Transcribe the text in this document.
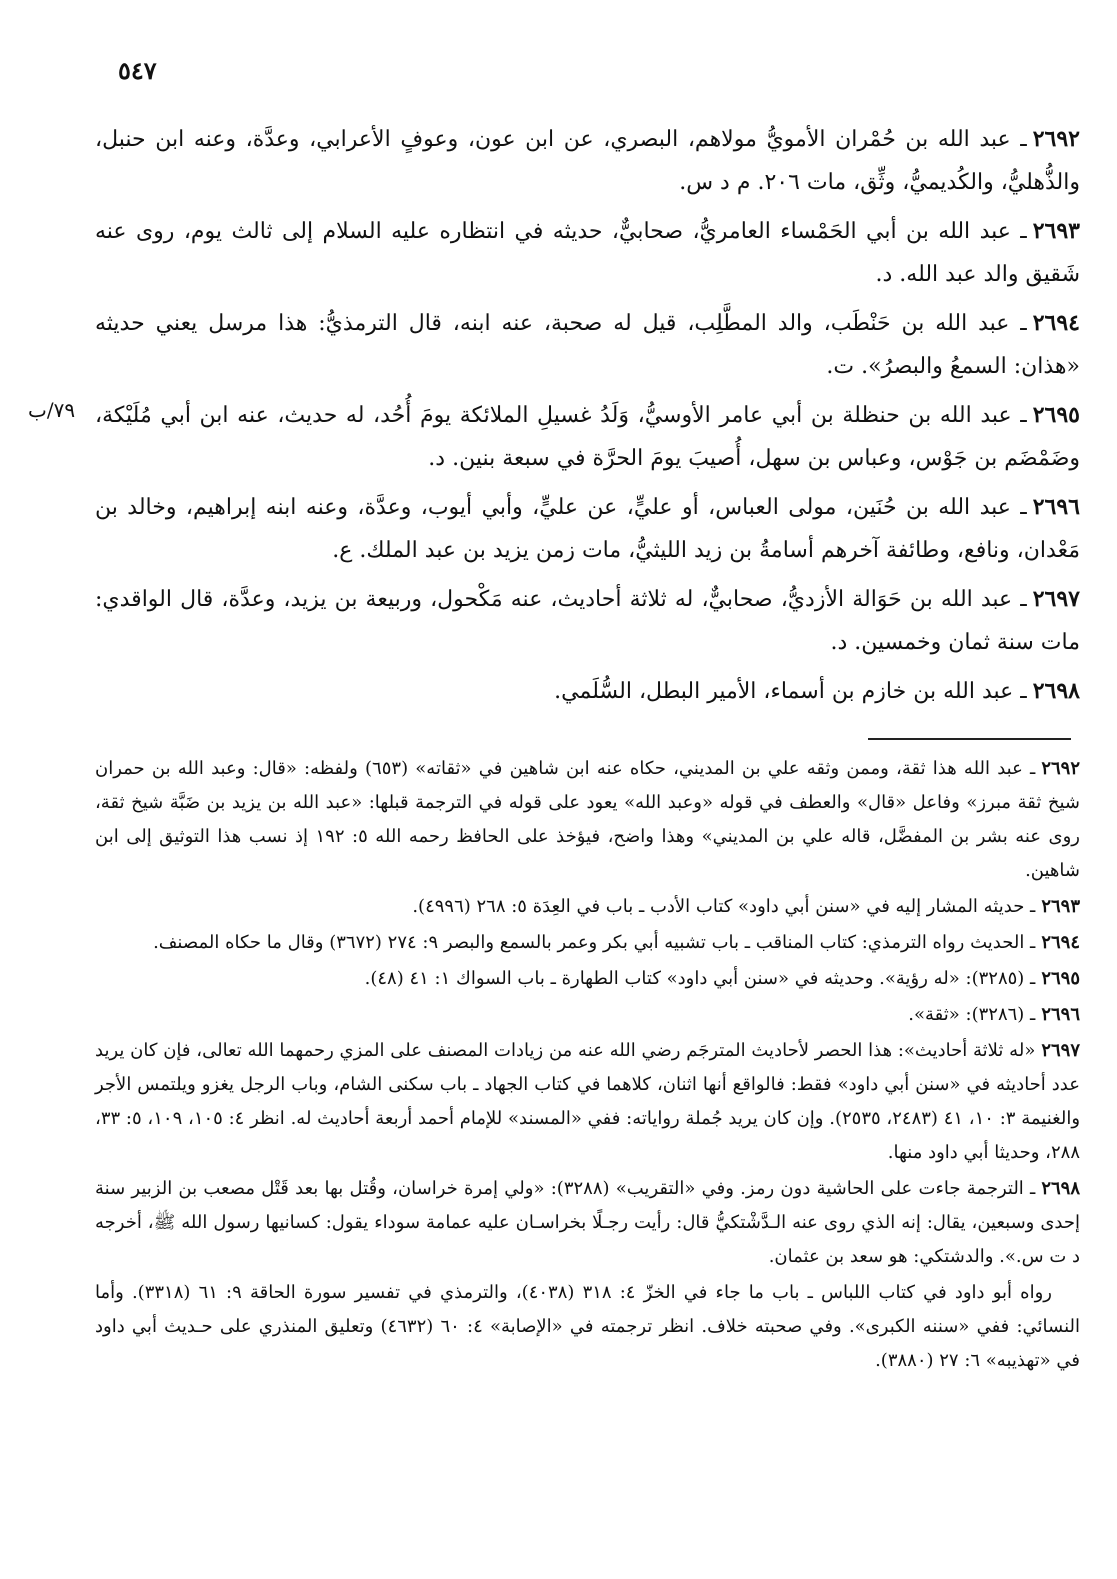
٥٤٧
٧٩/ب

٢٦٩٢ـ عبد الله بن حُمْران الأمويُّ مولاهم، البصري، عن ابن عون، وعوفٍ الأعرابي، وعدَّة، وعنه ابن حنبل، والذُّهليُّ، والكُديميُّ، وثِّق، مات ٢٠٦. م د س.

٢٦٩٣ـ عبد الله بن أبي الحَمْساء العامريُّ، صحابيٌّ، حديثه في انتظاره عليه السلام إلى ثالث يوم، روى عنه شَقيق والد عبد الله. د.

٢٦٩٤ـ عبد الله بن حَنْطَب، والد المطَّلِب، قيل له صحبة، عنه ابنه، قال الترمذيُّ: هذا مرسل يعني حديثه «هذان: السمعُ والبصرُ». ت.

٢٦٩٥ـ عبد الله بن حنظلة بن أبي عامر الأوسيُّ، وَلَدُ غسيلِ الملائكة يومَ أُحُد، له حديث، عنه ابن أبي مُلَيْكة، وضَمْضَم بن جَوْس، وعباس بن سهل، أُصيبَ يومَ الحرَّة في سبعة بنين. د.

٢٦٩٦ـ عبد الله بن حُنَين، مولى العباس، أو عليٍّ، عن عليٍّ، وأبي أيوب، وعدَّة، وعنه ابنه إبراهيم، وخالد بن مَعْدان، ونافع، وطائفة آخرهم أسامةُ بن زيد الليثيُّ، مات زمن يزيد بن عبد الملك. ع.

٢٦٩٧ـ عبد الله بن حَوَالة الأزديُّ، صحابيٌّ، له ثلاثة أحاديث، عنه مَكْحول، وربيعة بن يزيد، وعدَّة، قال الواقدي: مات سنة ثمان وخمسين. د.

٢٦٩٨ـ عبد الله بن خازم بن أسماء، الأمير البطل، السُّلَمي.

٢٦٩٢ـ عبد الله هذا ثقة، وممن وثقه علي بن المديني، حكاه عنه ابن شاهين في «ثقاته» (٦٥٣) ولفظه: «قال: وعبد الله بن حمران شيخ ثقة مبرز» وفاعل «قال» والعطف في قوله «وعبد الله» يعود على قوله في الترجمة قبلها: «عبد الله بن يزيد بن ضَبَّة شيخ ثقة، روى عنه بشر بن المفضَّل، قاله علي بن المديني» وهذا واضح، فيؤخذ على الحافظ رحمه الله ٥: ١٩٢ إذ نسب هذا التوثيق إلى ابن شاهين.

٢٦٩٣ـ حديثه المشار إليه في «سنن أبي داود» كتاب الأدب ـ باب في العِدَة ٥: ٢٦٨ (٤٩٩٦).

٢٦٩٤ـ الحديث رواه الترمذي: كتاب المناقب ـ باب تشبيه أبي بكر وعمر بالسمع والبصر ٩: ٢٧٤ (٣٦٧٢) وقال ما حكاه المصنف.

٢٦٩٥ـ (٣٢٨٥): «له رؤية». وحديثه في «سنن أبي داود» كتاب الطهارة ـ باب السواك ١: ٤١ (٤٨).

٢٦٩٦ـ (٣٢٨٦): «ثقة».

٢٦٩٧«له ثلاثة أحاديث»: هذا الحصر لأحاديث المترجَم رضي الله عنه من زيادات المصنف على المزي رحمهما الله تعالى، فإن كان يريد عدد أحاديثه في «سنن أبي داود» فقط: فالواقع أنها اثنان، كلاهما في كتاب الجهاد ـ باب سكنى الشام، وباب الرجل يغزو ويلتمس الأجر والغنيمة ٣: ١٠، ٤١ (٢٤٨٣، ٢٥٣٥). وإن كان يريد جُملة رواياته: ففي «المسند» للإمام أحمد أربعة أحاديث له. انظر ٤: ١٠٥، ١٠٩، ٥: ٣٣، ٢٨٨، وحديثا أبي داود منها.

٢٦٩٨ـ الترجمة جاءت على الحاشية دون رمز. وفي «التقريب» (٣٢٨٨): «ولي إمرة خراسان، وقُتل بها بعد قَتْل مصعب بن الزبير سنة إحدى وسبعين، يقال: إنه الذي روى عنه الـدَّشْتكيُّ قال: رأيت رجـلًا بخراسـان عليه عمامة سوداء يقول: كسانيها رسول الله ﷺ، أخرجه د ت س.». والدشتكي: هو سعد بن عثمان.

رواه أبو داود في كتاب اللباس ـ باب ما جاء في الخزّ ٤: ٣١٨ (٤٠٣٨)، والترمذي في تفسير سورة الحاقة ٩: ٦١ (٣٣١٨). وأما النسائي: ففي «سننه الكبرى». وفي صحبته خلاف. انظر ترجمته في «الإصابة» ٤: ٦٠ (٤٦٣٢) وتعليق المنذري على حـديث أبي داود في «تهذيبه» ٦: ٢٧ (٣٨٨٠).
